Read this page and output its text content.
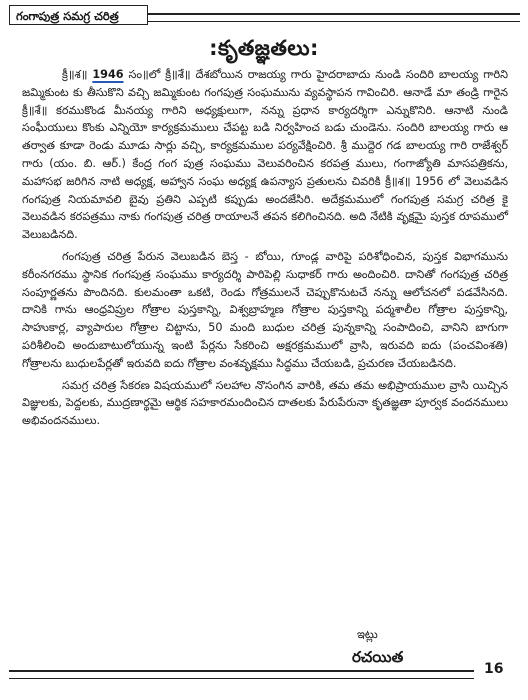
గంగాపుత్ర సమగ్ర చరిత్ర
:కృతజ్ఞతలు:

క్రీ॥శ॥ 1946 సం॥లో క్రీ॥శే॥ దేశబోయిన రాజయ్య గారు హైదరాబాదు నుండి సందిరి బాలయ్య గారిని జమ్మికుంట కు తీసుకొని వచ్చి జమ్మికుంట గంగపుత్ర సంఘమును వ్యవస్థాపన గావించిరి. ఆనాడే మా తండ్రి గారైన క్రీ॥శే॥ కరముకొండ మీనయ్య గారిని అధ్యక్షులుగా, నన్ను ప్రధాన కార్యదర్శిగా ఎన్నుకొనిరి. ఆనాటి నుండి సంఘీయులు కొంకు ఎన్నియో కార్యక్రమములు చేపట్ట బడి నిర్వహించ బడు చుండెను. సందిరి బాలయ్య గారు ఆ తర్వాత కూడా రెండు మూడు సార్లు వచ్చి, కార్యక్రమముల పర్యవేక్షించిరి. శ్రీ ముద్దెర గడ బాలయ్య గారి రాజేశ్వర్ గారు (యం. బి. ఆర్.) కేంద్ర గంగ పుత్ర సంఘము వెలువరించిన కరపత్ర ములు, గంగాజ్యోతి మాసపత్రికను, మహాసభ జరిగిన నాటి అధ్యక్ష, అహ్వాన సంఘ అధ్యక్ష ఉపన్యాస ప్రతులను చివరికి క్రీ॥శ॥ 1956 లో వెలువడిన గంగపుత్ర నియమావలి బైవు ప్రతిని ఎప్పటి కప్పుడు అందజేసిరి. అదేక్రమములో గంగపుత్ర సమగ్ర చరిత్ర కై వెలువడిన కరపత్రము నాకు గంగపుత్ర చరిత్ర రాయాలనే తపన కలిగించినది. అది నేటికి వృక్షమై పుస్తక రూపములో వెలుబడినది.

గంగపుత్ర చరిత్ర పేరున వెలుబడిన బెస్త - బోయి, గూండ్ల వారిపై పరిశోధించిన, పుస్తక విభాగమును కరీంనగరము స్థానిక గంగపుత్ర సంఘము కార్యదర్శి పారిపెల్లి సుధాకర్ గారు అందించిరి. దానితో గంగపుత్ర చరిత్ర సంపూర్ణతను పొందినది. కులమంతా ఒకటి, రెండు గోత్రములనే చెప్పుకొనుటచే నన్ను ఆలోచనలో పడవేసినది. దానికి గాను ఆంధ్రవిప్రుల గోత్రాల పుస్తకాన్ని, విశ్వబ్రాహ్మణ గోత్రాల పుస్తకాన్ని పద్మశాలీల గోత్రాల పుస్తకాన్ని, సాహుకార్ల, వ్యాపారుల గోత్రాల చిట్టాను, 50 మంది బుధుల చరిత్ర పున్నకాన్ని సంపాదించి, వానిని బాగుగా పరిశీలించి అందుబాటులోయున్న ఇంటి పేర్లను సేకరించి అక్షరక్రమములో వ్రాసి, ఇరువది ఐదు (పంచవింశతి) గోత్రాలను బుధులపేర్లతో ఇరువది ఐదు గోత్రాల వంశవృక్షము సిద్ధము చేయబడి, ప్రచురణ చేయబడినది.

సమగ్ర చరిత్ర సేకరణ విషయములో సలహాల నొసంగిన వారికి, తమ తమ అభిప్రాయముల వ్రాసి యిచ్చిన విజ్ఞులకు, పెద్దలకు, ముద్రణార్థమై ఆర్థిక సహకారమందించిన దాతలకు పేరుపేరునా కృతజ్ఞతా పూర్వక వందనములు అభివందనములు.

ఇట్లు
రచయిత
16
